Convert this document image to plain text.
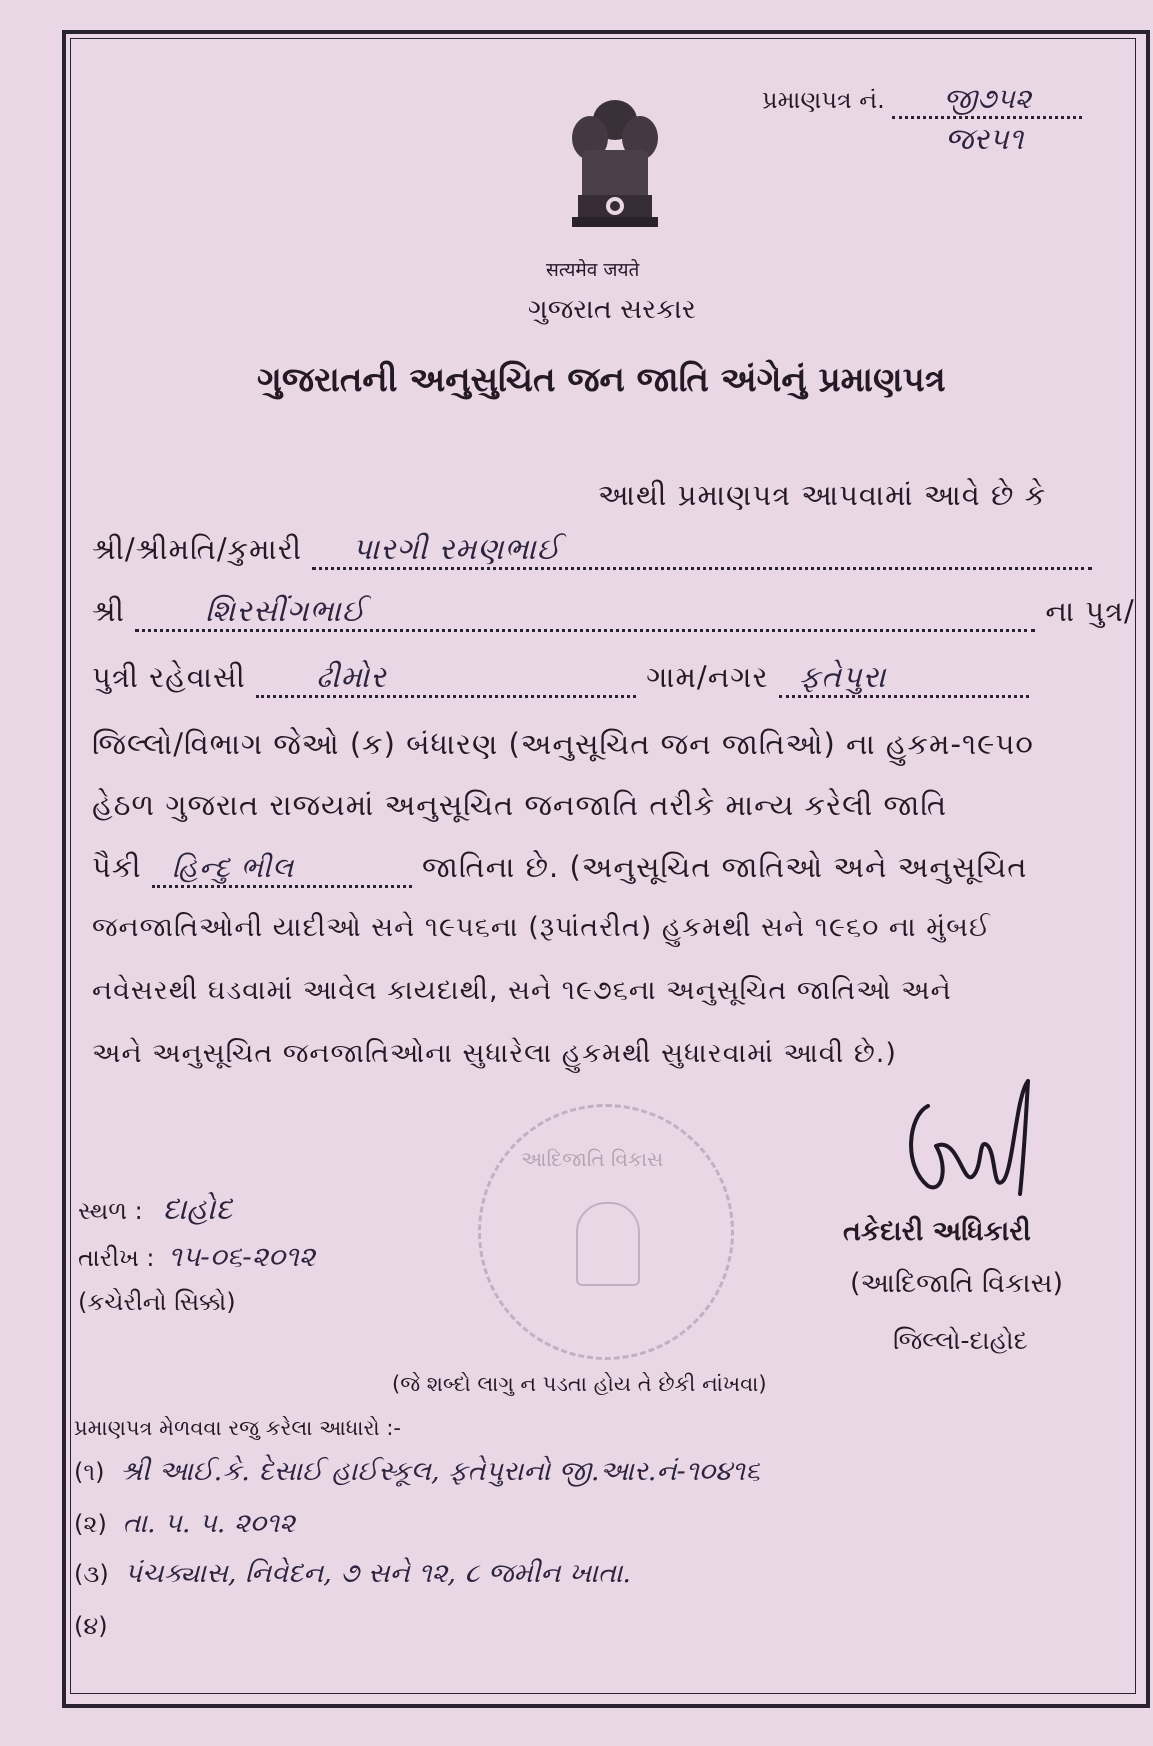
પ્રમાણપત્ર નં. જી૭૫૨
જર૫૧
सत्यमेव जयते
ગુજરાત સરકાર
ગુજરાતની અનુસુચિત જન જાતિ અંગેનું પ્રમાણપત્ર
આથી પ્રમાણપત્ર આપવામાં આવે છે કે
શ્રી/શ્રીમતિ/કુમારી પારગી રમણભાઈ
શ્રી	શિરસીંગભાઈ	ના પુત્ર/
પુત્રી રહેવાસી ઢીમોર	ગામ/નગર ફતેપુરા
જિલ્લો/વિભાગ જેઓ (ક) બંધારણ (અનુસૂચિત જન જાતિઓ) ના હુકમ-૧૯૫૦
હેઠળ ગુજરાત રાજયમાં અનુસૂચિત જનજાતિ તરીકે માન્ય કરેલી જાતિ
પૈકી હિન્દુ ભીલ	જાતિના છે. (અનુસૂચિત જાતિઓ અને અનુસૂચિત
જનજાતિઓની યાદીઓ સને ૧૯૫૬ના (રૂપાંતરીત) હુકમથી સને ૧૯૬૦ ના મુંબઈ
નવેસરથી ઘડવામાં આવેલ કાયદાથી, સને ૧૯૭૬ના અનુસૂચિત જાતિઓ અને
અને અનુસૂચિત જનજાતિઓના સુધારેલા હુકમથી સુધારવામાં આવી છે.)
આદિજાતિ વિકાસ
સ્થળ : દાહોદ
તારીખ : ૧૫-૦૬-૨૦૧૨
(કચેરીનો સિક્કો)
તકેદારી અધિકારી
(આદિજાતિ વિકાસ)
જિલ્લો-દાહોદ
(જે શબ્દો લાગુ ન પડતા હોય તે છેકી નાંખવા)
પ્રમાણપત્ર મેળવવા રજુ કરેલા આધારો :-
(૧) શ્રી આઈ.કે. દેસાઈ હાઈસ્કૂલ, ફતેપુરાનો જી.આર.નં-૧૦૪૧૬
(૨) તા. ૫. ૫. ૨૦૧૨
(૩) પંચક્યાસ, નિવેદન, ૭ સને ૧૨, ૮ જમીન ખાતા.
(૪)
